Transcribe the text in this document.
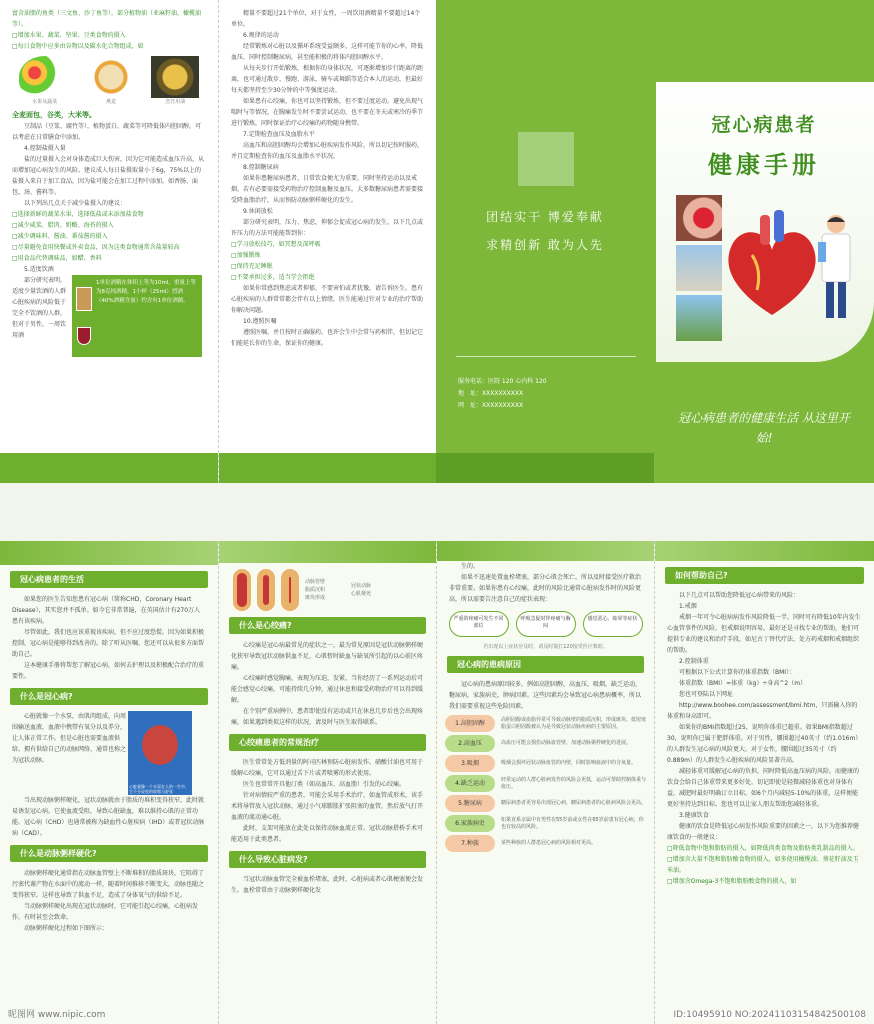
富含油脂的鱼类（三文鱼、沙丁鱼等），部分植物油（亚麻籽油、橄榄油等）。
□增加水果、蔬菜、坚果、豆类食物的摄入
□每日食物中应多由谷物以及碳水化合物组成，如
水果及蔬菜	燕麦	烹饪用油
全麦面包，谷类，大米等。
豆制品（豆浆、腐竹等），植物蛋白、蔬菜等可降低体内胆固醇。可以考虑在日常膳食中添加。
4.控制盐摄入量
盐的过量摄入会对身体造成巨大伤害，因为它可能造成血压升高，从而增加冠心病发生的风险。建议成人每日盐摄取量小于6g，75%以上的盐摄入来自于加工食品，因为盐可能会在加工过程中添加。如香肠、面包、汤、酱料等。
以下列出几点关于减少盐摄入的建议：
□选择新鲜的蔬菜水果，选择低盐或未添加盐食物
□减少咸菜、腊肉、奶酪、海苔的摄入
□减少调味料、酱油、番茄酱的摄入
□尽量避免食用快餐或外卖食品，因为这类食物通常含盐量较高
□用食品代替调味品，如醋、香料
5.适度饮酒
部分研究表明，适度少量饮酒的人群心脏疾病的风险低于完全不饮酒的人群，但对于男性，一周饮用酒
1单位酒精在体积上等为10ml，重量上等为8克纯酒精，1小杯（25ml）烈酒（40%酒精含量）约含有1单位酒精。
精量不要超过21个单位，对于女性，一周饮用酒精量不要超过14个单位。
6.规律的运动
经常锻炼对心脏以及循环系统受益颇多，这样可能节你的心率，降低血压，同时控制糖尿病，甚至能积极的将体内胆固醇水平。
从每天步行开始锻炼，根据你的身体状况，可逐渐增加步行距离的距离，也可通过散步、慢跑、游泳，骑车或舞蹈等适合本人的运动，但最好每天都坚持至少30分钟的中等强度运动。
如果患有心绞痛，你也可以坚持锻炼，但不要过度运动。避免出现气喘时与等情况，在胸痛发生时不要尝试运动，也不要在冬天或寒冷的季节进行锻炼，同时保证治疗心绞痛的药物随身携带。
7.定期检查血压及血脂水平
高血压和高胆固醇均会增加心脏疾病发作风险，所以切记按时服药，并且定期检查你的血压及血脂水平状况。
8.控制糖尿病
如果你患糖尿病患者，日常饮食便尤为重要，同时坚持运动以及戒烟，若有必要需接受药物治疗控制血糖及血压。大多数糖尿病患者需要接受降血脂治疗，从而预防动脉粥样硬化的发生。
9.休闲放松
部分研究表明，压力、焦虑，抑郁会促成冠心病的发生，以下几点或许压力的方法可能能帮到你：
□学习放松技巧，如冥想及深呼吸
□加强锻炼
□保持充足睡眠
□不要承担过多，适当学会拒绝
如果你常感到焦虑或者抑郁，不要害怕或者犹豫，请告诉医生。患有心脏疾病的人群常常都会伴有以上情绪，医生能通过针对专业的治疗帮助你解决问题。
10.遵照医嘱
遵照医嘱，并且按时正确服药，也许会生中会常与药相伴，但切记它们能延长你的生命，保证你的健康。
团结实干 博爱奉献
求精创新 敢为人先
服务电话：医院 120 心内科 120
地　址：XXXXXXXXXX
网　址：XXXXXXXXXX
冠心病患者
健康手册
冠心病患者的健康生活 从这里开始!
冠心病患者的生活
如果您的医生告知您患有冠心病（简称CHD，Coronary Heart Disease），其实您并不孤单。如今它非常普遍，在英国估计有270万人患有该疾病。
尽管如此，我们也应该重视该疾病，但不应过度恐慌。因为如果积极控制，冠心病是能够得到改善的。除了听从医嘱，您还可以从很多方面帮助自己。
这本健康手册将帮您了解冠心病，如何去护理以及积极配合治疗的重要性。
什么是冠心病?
心脏就像一个水泵，由肌肉组成，向周围输送血液，血液中携带有氧分以及养分，让人体正常工作。但是心脏也需要血液供给，拥有供给自己的动脉网络，通常也称之为冠状动脉。
心脏就像一个水泵在人的一生中，它不分昼夜的收缩与舒张
当出现动脉粥样硬化，冠状动脉就由于脂质的堆积变得狭窄，此时就易诱发冠心病。它使血流受阻，导致心脏缺血，难以维持心肌的正常功能。冠心病（CHD）也通常被称为缺血性心脏疾病（IHD）或者冠状动脉病（CAD）。
什么是动脉粥样硬化?
动脉粥样硬化通常指在动脉血管壁上不断堆积的脂质斑块，它阻碍了污塞代谢产物在水面中的流动一样，随着时间推移不断变大，动脉也随之变得狭窄。这样也导致了供血不足，造成了身体氧气的供给不足。
当动脉粥样硬化出现在冠状动脉时，它可能引起心绞痛，心脏病发作，有时甚至会致命。
动脉粥样硬化过程如下图所示：
动脉管壁
脂质沉积
斑块形成
冠状动脉
心肌梗死
什么是心绞痛?
心绞痛是冠心病最常见的症状之一，最为常见原因是冠状动脉粥样硬化狭窄导致冠状动脉供血不足，心肌暂时缺血与缺氧所引起的以心前区疼痛。
心绞痛时感觉胸痛，表现为压迫，发紧，当你经历了一系列运动后可能会感觉心绞痛，可能持续几分钟，通过休息和接受药物治疗可以得到缓解。
在个别严重病例中，患者即使没有运动或只在休息几步后也会出现疼痛，如果遇到类似这样的状况，请及时与医生取得联系。
心绞痛患者的常规治疗
医生常常处方低剂量的阿司匹林预防心脏病发作。硝酸甘油也可用于缓解心绞痛，它可以通过舌下片或者喷雾的形式使用。
医生也常常开具他汀类（如高血压、高血脂）引发的心绞痛。
针对病情较严重的患者，可能会采用手术治疗，如血管成形术，该手术将导管放入冠状动脉，通过小气球膨胀扩张阻塞的血管，然后放气打开血液的流动通心脏。
此时，支架可能放在此处以保持动脉血流正常。冠状动脉搭桥手术可能适用于此类患者。
什么导致心脏病发?
当冠状动脉血管完全被血栓堵塞，此时，心脏病或者心肌梗塞便会发生。血栓常常由于动脉粥样硬化发
生的。
如果不迅速处置血栓堵塞，部分心肌会死亡，所以及时接受医疗救治非常重要。如果你患有心绞痛，此时的风险比通常心脏病发作时的风险更高，所以需要告注意自己的症状表现：
严重的疼痛可发生不同部位
呼吸急促时伴疼痛与胸闷
感觉恶心、眩晕等症状
若出现以上症状应及时，请及时拨打120接受医疗救助。
冠心病的患病原因
冠心病的患病原因较多，例如高胆固醇，高血压，吸烟，缺乏运动，糖尿病，家族病史，肿病因素。这些因素均会导致冠心病患病概率，所以我们需要重视这些危险因素。
1.高胆固醇
高胆固醇或血脂异常可导致动脉壁的脂质沉积，形成斑块。低密度脂蛋白胆固醇被认为是导致冠状动脉疾病的主要原因。
2.高血压	高血压可能会损伤动脉血管壁，加速动脉粥样硬化的进展。
3.吸烟	吸烟会损坏冠状动脉血管的内壁，同时影响血液中的含氧量。
4.缺乏运动
经常运动的人群心脏病发作的风险会更低，运动可帮助控制体重与血压。
5.糖尿病	糖尿病患者更容易出现冠心病，糖尿病患者的心脏病风险会更高。
6.家族病史
如果直系亲属中有男性在55岁前或女性在65岁前患有冠心病，你也有较高的风险。
7.种族	某些种族的人群患冠心病的风险相对更高。
如何帮助自己?
以下几点可以帮助您降低冠心病带来的风险：
1.戒烟
戒烟一年可令心脏病病发作风险降低一半，同时可有降低10年内发生心血管事件的风险。但戒烟说明容易，最好还是寻找专业的帮助，他们可提供专业的建议和治疗手段，如尼古丁替代疗法、处方药戒烟和戒烟组织的帮助。
2.控制体重
可根据以下公式计算你的体重指数（BMI）：
体重指数（BMI）=体重（kg）÷身高^2（m）
您也可登陆以下网址
http://www.boohee.com/assessment/bmi.htm，只需输入你的体重和身高即可。
如果你的BMI指数超过25，说明你体重已超重。如果BMI指数超过30，说明你已属于肥胖体重。对于男性，腰围超过40英寸（约1.016m）的人群发生冠心病的风险更大。对于女性，腰围超过35英寸（约0.889m）的人群发生心脏疾病的风险显著升高。
减轻体重可缓解冠心病的负担，同时降低高血压病的风险。而健康的饮食会给自己体重带来更多好处，切记即使是轻微减轻体重也对身体有益，减肥时最好明确订立目标，如6个月内减轻5-10%的体重，这样便能更好坚持达到目标。您也可以让家人朋友帮助您减轻体重。
3.健康饮食
健康的饮食是降低冠心病发作风险重要的因素之一，以下为您推荐健康饮食的一般建议：
□降低食物中饱和脂肪的摄入，如降低肉类食物及脂肪类乳制品的摄入。
□增加含大量不饱和脂肪酸食物的摄入，如多使用橄榄油、葵花籽油及玉米油。
□增加含Omega-3不饱和脂肪酸食物的摄入，如
昵图网 www.nipic.com	ID:10495910 NO:20241103154842500108
